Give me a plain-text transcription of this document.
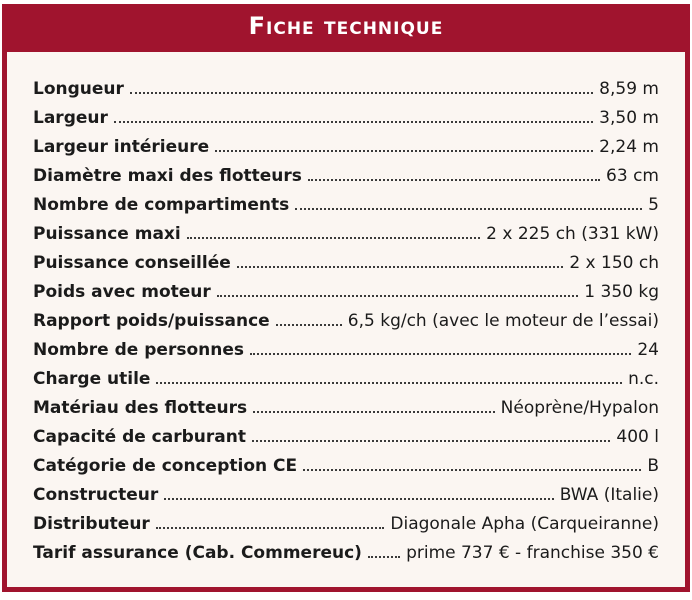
Fiche technique
Longueur	8,59 m
Largeur	3,50 m
Largeur intérieure	2,24 m
Diamètre maxi des flotteurs	63 cm
Nombre de compartiments	5
Puissance maxi	2 x 225 ch (331 kW)
Puissance conseillée	2 x 150 ch
Poids avec moteur	1 350 kg
Rapport poids/puissance	6,5 kg/ch (avec le moteur de l’essai)
Nombre de personnes	24
Charge utile	n.c.
Matériau des flotteurs	Néoprène/Hypalon
Capacité de carburant	400 l
Catégorie de conception CE	B
Constructeur	BWA (Italie)
Distributeur	Diagonale Apha (Carqueiranne)
Tarif assurance (Cab. Commereuc)	prime 737 € - franchise 350 €
